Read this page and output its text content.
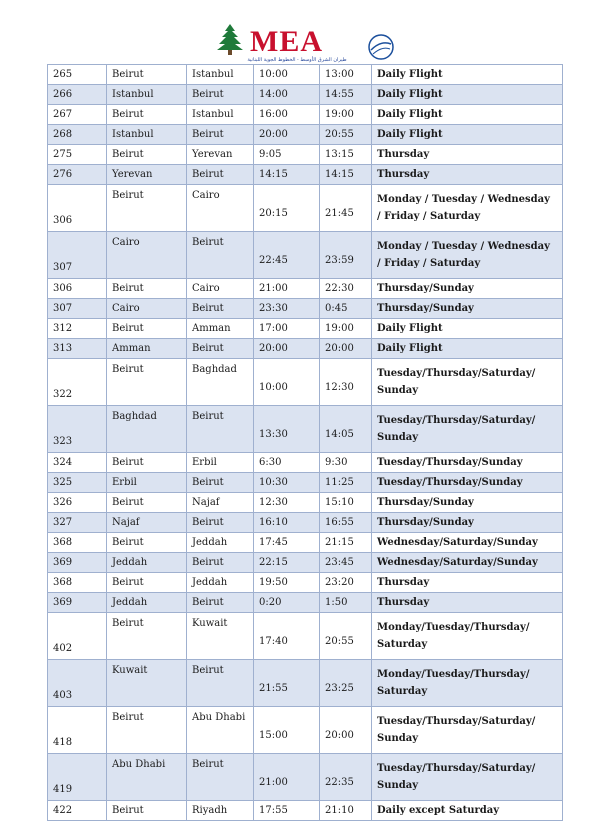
MEA
طيران الشرق الأوسط - الخطوط الجوية اللبنانية
265	Beirut	Istanbul	10:00	13:00	Daily Flight
266	Istanbul	Beirut	14:00	14:55	Daily Flight
267	Beirut	Istanbul	16:00	19:00	Daily Flight
268	Istanbul	Beirut	20:00	20:55	Daily Flight
275	Beirut	Yerevan	9:05	13:15	Thursday
276	Yerevan	Beirut	14:15	14:15	Thursday
306	Beirut	Cairo	20:15	21:45	Monday / Tuesday / Wednesday / Friday / Saturday
307	Cairo	Beirut	22:45	23:59	Monday / Tuesday / Wednesday / Friday / Saturday
306	Beirut	Cairo	21:00	22:30	Thursday/Sunday
307	Cairo	Beirut	23:30	0:45	Thursday/Sunday
312	Beirut	Amman	17:00	19:00	Daily Flight
313	Amman	Beirut	20:00	20:00	Daily Flight
322	Beirut	Baghdad	10:00	12:30	Tuesday/Thursday/Saturday/ Sunday
323	Baghdad	Beirut	13:30	14:05	Tuesday/Thursday/Saturday/ Sunday
324	Beirut	Erbil	6:30	9:30	Tuesday/Thursday/Sunday
325	Erbil	Beirut	10:30	11:25	Tuesday/Thursday/Sunday
326	Beirut	Najaf	12:30	15:10	Thursday/Sunday
327	Najaf	Beirut	16:10	16:55	Thursday/Sunday
368	Beirut	Jeddah	17:45	21:15	Wednesday/Saturday/Sunday
369	Jeddah	Beirut	22:15	23:45	Wednesday/Saturday/Sunday
368	Beirut	Jeddah	19:50	23:20	Thursday
369	Jeddah	Beirut	0:20	1:50	Thursday
402	Beirut	Kuwait	17:40	20:55	Monday/Tuesday/Thursday/ Saturday
403	Kuwait	Beirut	21:55	23:25	Monday/Tuesday/Thursday/ Saturday
418	Beirut	Abu Dhabi	15:00	20:00	Tuesday/Thursday/Saturday/ Sunday
419	Abu Dhabi	Beirut	21:00	22:35	Tuesday/Thursday/Saturday/ Sunday
422	Beirut	Riyadh	17:55	21:10	Daily except Saturday
